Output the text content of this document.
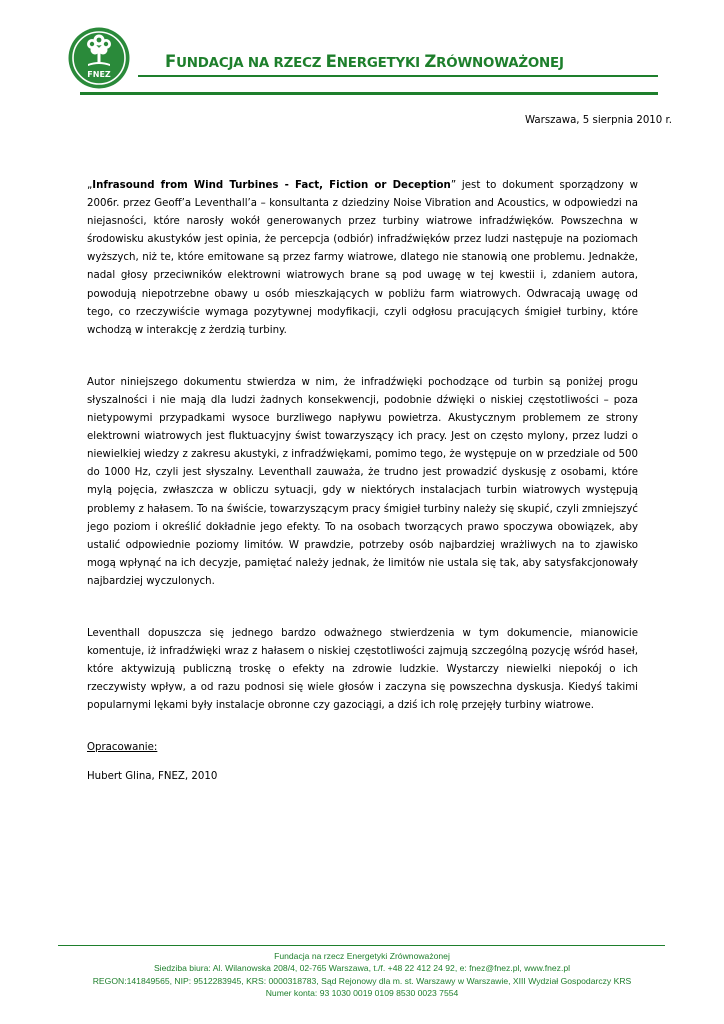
FNEZ
FUNDACJA NA RZECZ ENERGETYKI ZRÓWNOWAŻONEJ
Warszawa, 5 sierpnia 2010 r.

„Infrasound from Wind Turbines - Fact, Fiction or Deception” jest to dokument sporządzony w 2006r. przez Geoff’a Leventhall’a – konsultanta z dziedziny Noise Vibration and Acoustics, w odpowiedzi na niejasności, które narosły wokół generowanych przez turbiny wiatrowe infradźwięków. Powszechna w środowisku akustyków jest opinia, że percepcja (odbiór) infradźwięków przez ludzi następuje na poziomach wyższych, niż te, które emitowane są przez farmy wiatrowe, dlatego nie stanowią one problemu. Jednakże, nadal głosy przeciwników elektrowni wiatrowych brane są pod uwagę w tej kwestii i, zdaniem autora, powodują niepotrzebne obawy u osób mieszkających w pobliżu farm wiatrowych. Odwracają uwagę od tego, co rzeczywiście wymaga pozytywnej modyfikacji, czyli odgłosu pracujących śmigieł turbiny, które wchodzą w interakcję z żerdzią turbiny.

Autor niniejszego dokumentu stwierdza w nim, że infradźwięki pochodzące od turbin są poniżej progu słyszalności i nie mają dla ludzi żadnych konsekwencji, podobnie dźwięki o niskiej częstotliwości – poza nietypowymi przypadkami wysoce burzliwego napływu powietrza. Akustycznym problemem ze strony elektrowni wiatrowych jest fluktuacyjny świst towarzyszący ich pracy. Jest on często mylony, przez ludzi o niewielkiej wiedzy z zakresu akustyki, z infradźwiękami, pomimo tego, że występuje on w przedziale od 500 do 1000 Hz, czyli jest słyszalny. Leventhall zauważa, że trudno jest prowadzić dyskusję z osobami, które mylą pojęcia, zwłaszcza w obliczu sytuacji, gdy w niektórych instalacjach turbin wiatrowych występują problemy z hałasem. To na świście, towarzyszącym pracy śmigieł turbiny należy się skupić, czyli zmniejszyć jego poziom i określić dokładnie jego efekty. To na osobach tworzących prawo spoczywa obowiązek, aby ustalić odpowiednie poziomy limitów. W prawdzie, potrzeby osób najbardziej wrażliwych na to zjawisko mogą wpłynąć na ich decyzje, pamiętać należy jednak, że limitów nie ustala się tak, aby satysfakcjonowały najbardziej wyczulonych.

Leventhall dopuszcza się jednego bardzo odważnego stwierdzenia w tym dokumencie, mianowicie komentuje, iż infradźwięki wraz z hałasem o niskiej częstotliwości zajmują szczególną pozycję wśród haseł, które aktywizują publiczną troskę o efekty na zdrowie ludzkie. Wystarczy niewielki niepokój o ich rzeczywisty wpływ, a od razu podnosi się wiele głosów i zaczyna się powszechna dyskusja. Kiedyś takimi popularnymi lękami były instalacje obronne czy gazociągi, a dziś ich rolę przejęły turbiny wiatrowe.

Opracowanie:
Hubert Glina, FNEZ, 2010
Fundacja na rzecz Energetyki Zrównoważonej
Siedziba biura: Al. Wilanowska 208/4, 02-765 Warszawa, t./f. +48 22 412 24 92, e: fnez@fnez.pl, www.fnez.pl
REGON:141849565, NIP: 9512283945, KRS: 0000318783, Sąd Rejonowy dla m. st. Warszawy w Warszawie, XIII Wydział Gospodarczy KRS
Numer konta: 93 1030 0019 0109 8530 0023 7554
